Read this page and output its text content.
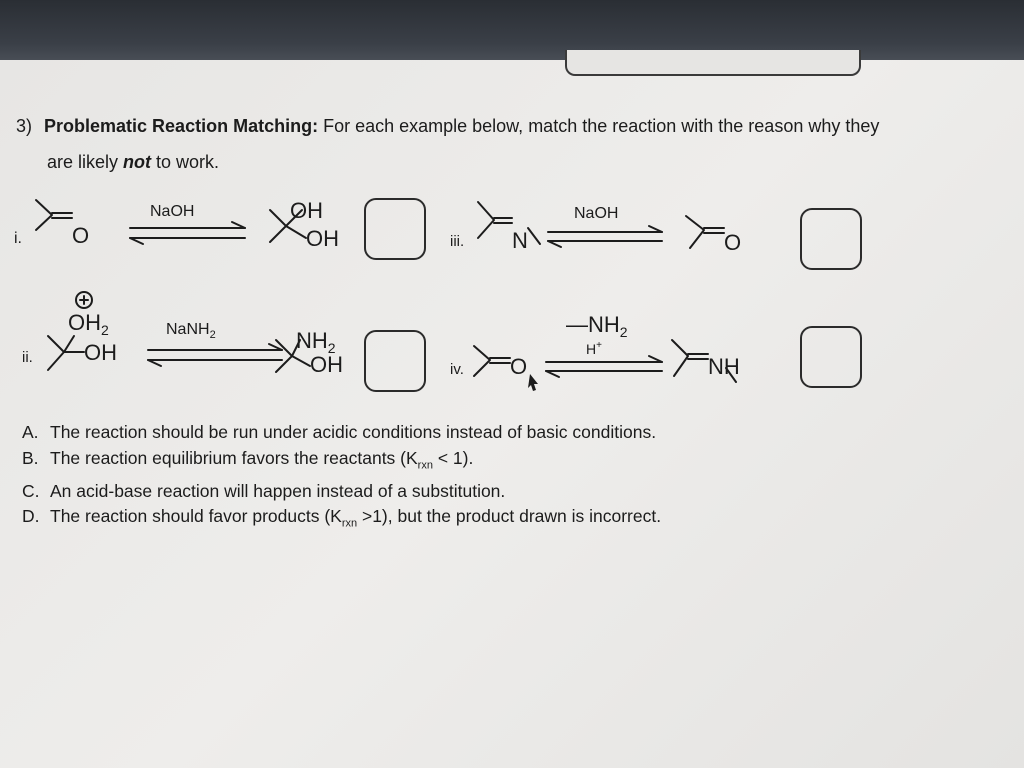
3) Problematic Reaction Matching: For each example below, match the reaction with the reason why they
are likely not to work.
i. O
NaOH	OH
OH	iii. N
NaOH
O
ii.
$OH_2$
OH
NaNH$_2$	$NH_2$
OH	iv. O
$—NH_2$
H+
NH
A. The reaction should be run under acidic conditions instead of basic conditions.
B. The reaction equilibrium favors the reactants $(K_{rxn} < 1)$.
C. An acid-base reaction will happen instead of a substitution.
D. The reaction should favor products $(K_{rxn} >1)$, but the product drawn is incorrect.
